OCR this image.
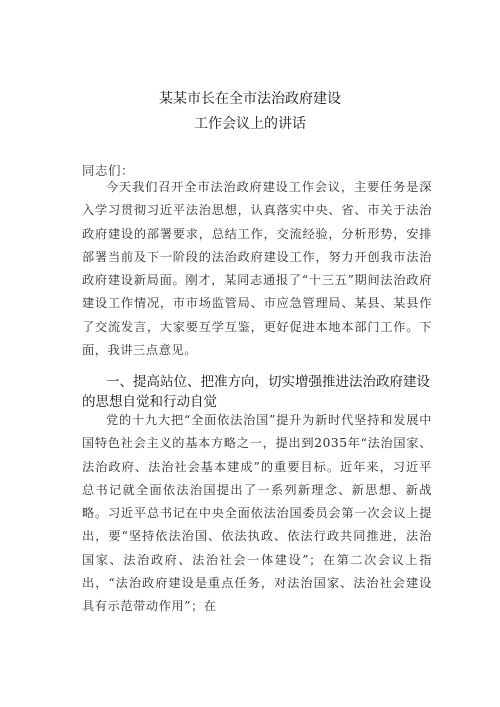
某某市长在全市法治政府建设
工作会议上的讲话
同志们：
今天我们召开全市法治政府建设工作会议，主要任务是深入学习贯彻习近平法治思想，认真落实中央、省、市关于法治政府建设的部署要求，总结工作，交流经验，分析形势，安排部署当前及下一阶段的法治政府建设工作，努力开创我市法治政府建设新局面。刚才，某同志通报了“十三五”期间法治政府建设工作情况，市市场监管局、市应急管理局、某县、某县作了交流发言，大家要互学互鉴，更好促进本地本部门工作。下面，我讲三点意见。
一、提高站位、把准方向，切实增强推进法治政府建设的思想自觉和行动自觉
党的十九大把“全面依法治国”提升为新时代坚持和发展中国特色社会主义的基本方略之一，提出到2035年“法治国家、法治政府、法治社会基本建成”的重要目标。近年来，习近平总书记就全面依法治国提出了一系列新理念、新思想、新战略。习近平总书记在中央全面依法治国委员会第一次会议上提出，要“坚持依法治国、依法执政、依法行政共同推进，法治国家、法治政府、法治社会一体建设”；在第二次会议上指出，“法治政府建设是重点任务，对法治国家、法治社会建设具有示范带动作用”；在
